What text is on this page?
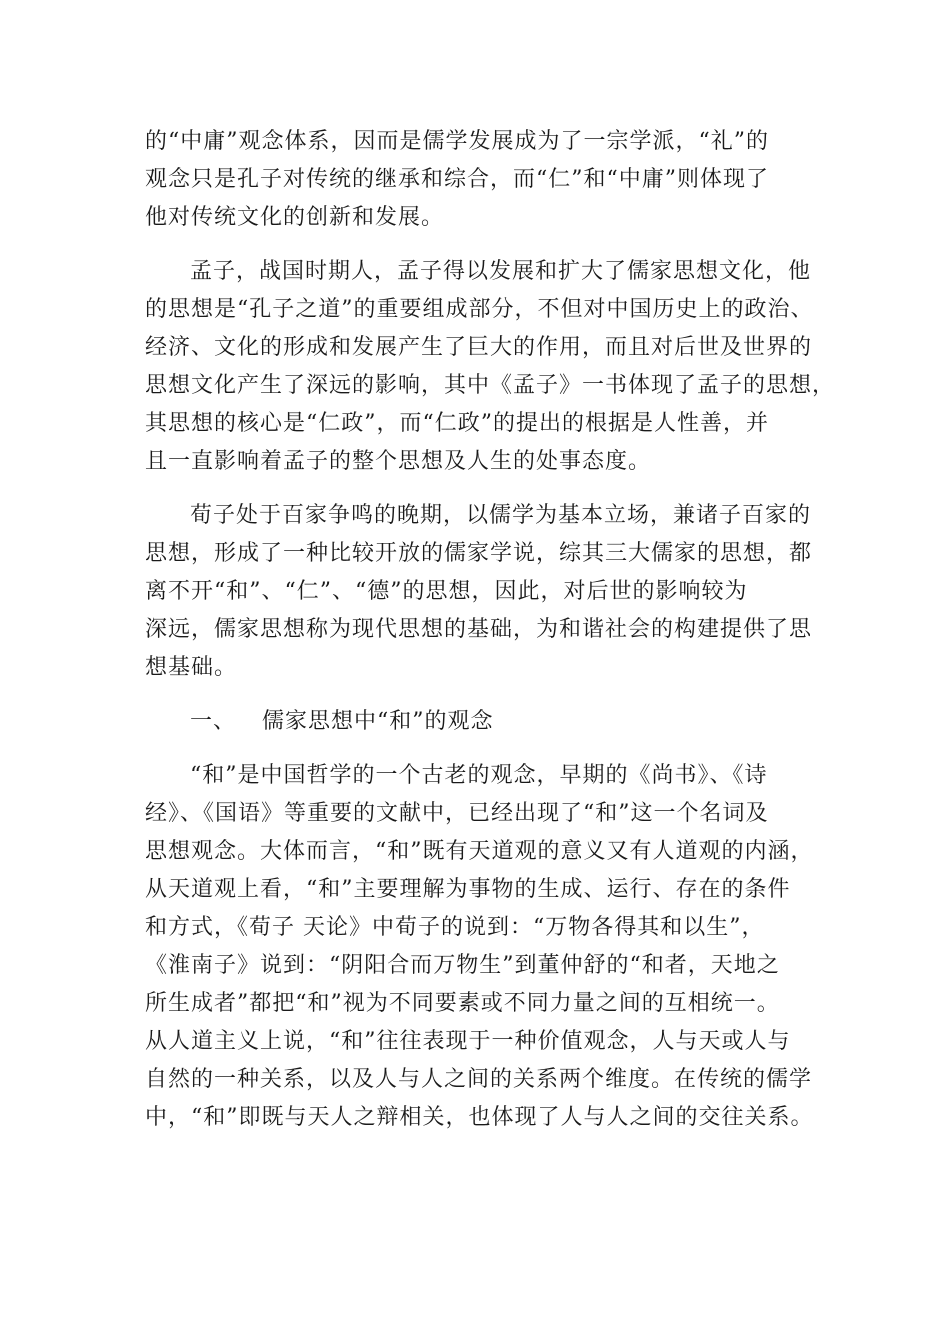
的“中庸”观念体系，因而是儒学发展成为了一宗学派，“礼”的
观念只是孔子对传统的继承和综合，而“仁”和“中庸”则体现了
他对传统文化的创新和发展。
孟子，战国时期人，孟子得以发展和扩大了儒家思想文化，他
的思想是“孔子之道”的重要组成部分，不但对中国历史上的政治、
经济、文化的形成和发展产生了巨大的作用，而且对后世及世界的
思想文化产生了深远的影响，其中《孟子》一书体现了孟子的思想，
其思想的核心是“仁政”，而“仁政”的提出的根据是人性善，并
且一直影响着孟子的整个思想及人生的处事态度。
荀子处于百家争鸣的晚期，以儒学为基本立场，兼诸子百家的
思想，形成了一种比较开放的儒家学说，综其三大儒家的思想，都
离不开“和”、“仁”、“德”的思想，因此，对后世的影响较为
深远，儒家思想称为现代思想的基础，为和谐社会的构建提供了思
想基础。
一、	儒家思想中“和”的观念
“和”是中国哲学的一个古老的观念，早期的《尚书》、《诗
经》、《国语》等重要的文献中，已经出现了“和”这一个名词及
思想观念。大体而言，“和”既有天道观的意义又有人道观的内涵，
从天道观上看，“和”主要理解为事物的生成、运行、存在的条件
和方式，《荀子 天论》中荀子的说到：“万物各得其和以生”，
《淮南子》说到：“阴阳合而万物生”到董仲舒的“和者，天地之
所生成者”都把“和”视为不同要素或不同力量之间的互相统一。
从人道主义上说，“和”往往表现于一种价值观念，人与天或人与
自然的一种关系，以及人与人之间的关系两个维度。在传统的儒学
中，“和”即既与天人之辩相关，也体现了人与人之间的交往关系。
